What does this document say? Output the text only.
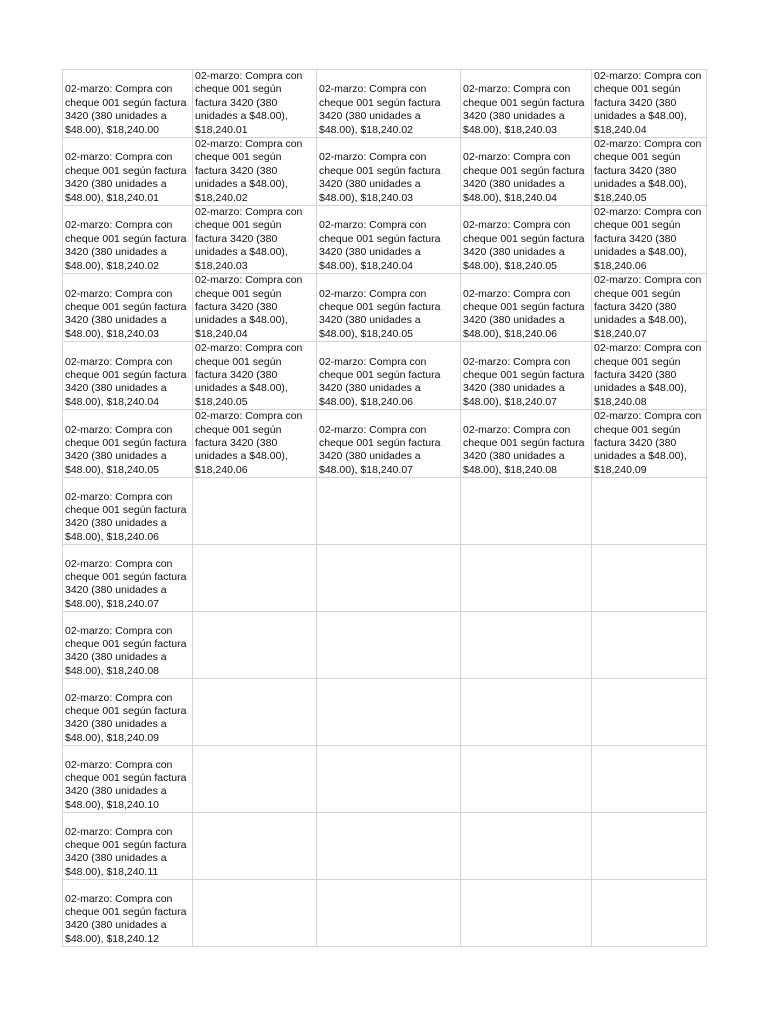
02-marzo: Compra con cheque 001 según factura 3420 (380 unidades a $48.00), $18,240.00	02-marzo: Compra con cheque 001 según factura 3420 (380 unidades a $48.00), $18,240.01	02-marzo: Compra con cheque 001 según factura 3420 (380 unidades a $48.00), $18,240.02	02-marzo: Compra con cheque 001 según factura 3420 (380 unidades a $48.00), $18,240.03	02-marzo: Compra con cheque 001 según factura 3420 (380 unidades a $48.00), $18,240.04
02-marzo: Compra con cheque 001 según factura 3420 (380 unidades a $48.00), $18,240.01	02-marzo: Compra con cheque 001 según factura 3420 (380 unidades a $48.00), $18,240.02	02-marzo: Compra con cheque 001 según factura 3420 (380 unidades a $48.00), $18,240.03	02-marzo: Compra con cheque 001 según factura 3420 (380 unidades a $48.00), $18,240.04	02-marzo: Compra con cheque 001 según factura 3420 (380 unidades a $48.00), $18,240.05
02-marzo: Compra con cheque 001 según factura 3420 (380 unidades a $48.00), $18,240.02	02-marzo: Compra con cheque 001 según factura 3420 (380 unidades a $48.00), $18,240.03	02-marzo: Compra con cheque 001 según factura 3420 (380 unidades a $48.00), $18,240.04	02-marzo: Compra con cheque 001 según factura 3420 (380 unidades a $48.00), $18,240.05	02-marzo: Compra con cheque 001 según factura 3420 (380 unidades a $48.00), $18,240.06
02-marzo: Compra con cheque 001 según factura 3420 (380 unidades a $48.00), $18,240.03	02-marzo: Compra con cheque 001 según factura 3420 (380 unidades a $48.00), $18,240.04	02-marzo: Compra con cheque 001 según factura 3420 (380 unidades a $48.00), $18,240.05	02-marzo: Compra con cheque 001 según factura 3420 (380 unidades a $48.00), $18,240.06	02-marzo: Compra con cheque 001 según factura 3420 (380 unidades a $48.00), $18,240.07
02-marzo: Compra con cheque 001 según factura 3420 (380 unidades a $48.00), $18,240.04	02-marzo: Compra con cheque 001 según factura 3420 (380 unidades a $48.00), $18,240.05	02-marzo: Compra con cheque 001 según factura 3420 (380 unidades a $48.00), $18,240.06	02-marzo: Compra con cheque 001 según factura 3420 (380 unidades a $48.00), $18,240.07	02-marzo: Compra con cheque 001 según factura 3420 (380 unidades a $48.00), $18,240.08
02-marzo: Compra con cheque 001 según factura 3420 (380 unidades a $48.00), $18,240.05	02-marzo: Compra con cheque 001 según factura 3420 (380 unidades a $48.00), $18,240.06	02-marzo: Compra con cheque 001 según factura 3420 (380 unidades a $48.00), $18,240.07	02-marzo: Compra con cheque 001 según factura 3420 (380 unidades a $48.00), $18,240.08	02-marzo: Compra con cheque 001 según factura 3420 (380 unidades a $48.00), $18,240.09
02-marzo: Compra con cheque 001 según factura 3420 (380 unidades a $48.00), $18,240.06				
02-marzo: Compra con cheque 001 según factura 3420 (380 unidades a $48.00), $18,240.07				
02-marzo: Compra con cheque 001 según factura 3420 (380 unidades a $48.00), $18,240.08				
02-marzo: Compra con cheque 001 según factura 3420 (380 unidades a $48.00), $18,240.09				
02-marzo: Compra con cheque 001 según factura 3420 (380 unidades a $48.00), $18,240.10				
02-marzo: Compra con cheque 001 según factura 3420 (380 unidades a $48.00), $18,240.11				
02-marzo: Compra con cheque 001 según factura 3420 (380 unidades a $48.00), $18,240.12				
